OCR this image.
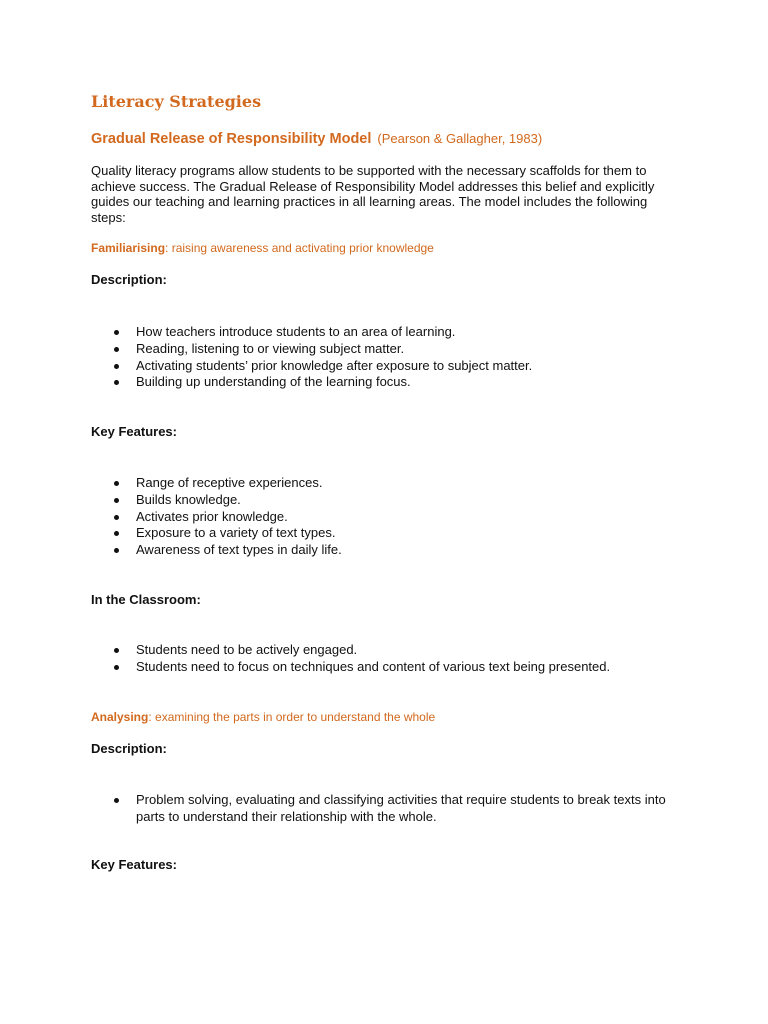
Literacy Strategies
Gradual Release of Responsibility Model (Pearson & Gallagher, 1983)

Quality literacy programs allow students to be supported with the necessary scaffolds for them to achieve success. The Gradual Release of Responsibility Model addresses this belief and explicitly guides our teaching and learning practices in all learning areas. The model includes the following steps:

Familiarising: raising awareness and activating prior knowledge
Description:
How teachers introduce students to an area of learning.
Reading, listening to or viewing subject matter.
Activating students’ prior knowledge after exposure to subject matter.
Building up understanding of the learning focus.
Key Features:
Range of receptive experiences.
Builds knowledge.
Activates prior knowledge.
Exposure to a variety of text types.
Awareness of text types in daily life.
In the Classroom:
Students need to be actively engaged.
Students need to focus on techniques and content of various text being presented.
Analysing: examining the parts in order to understand the whole
Description:
Problem solving, evaluating and classifying activities that require students to break texts into parts to understand their relationship with the whole.
Key Features:
